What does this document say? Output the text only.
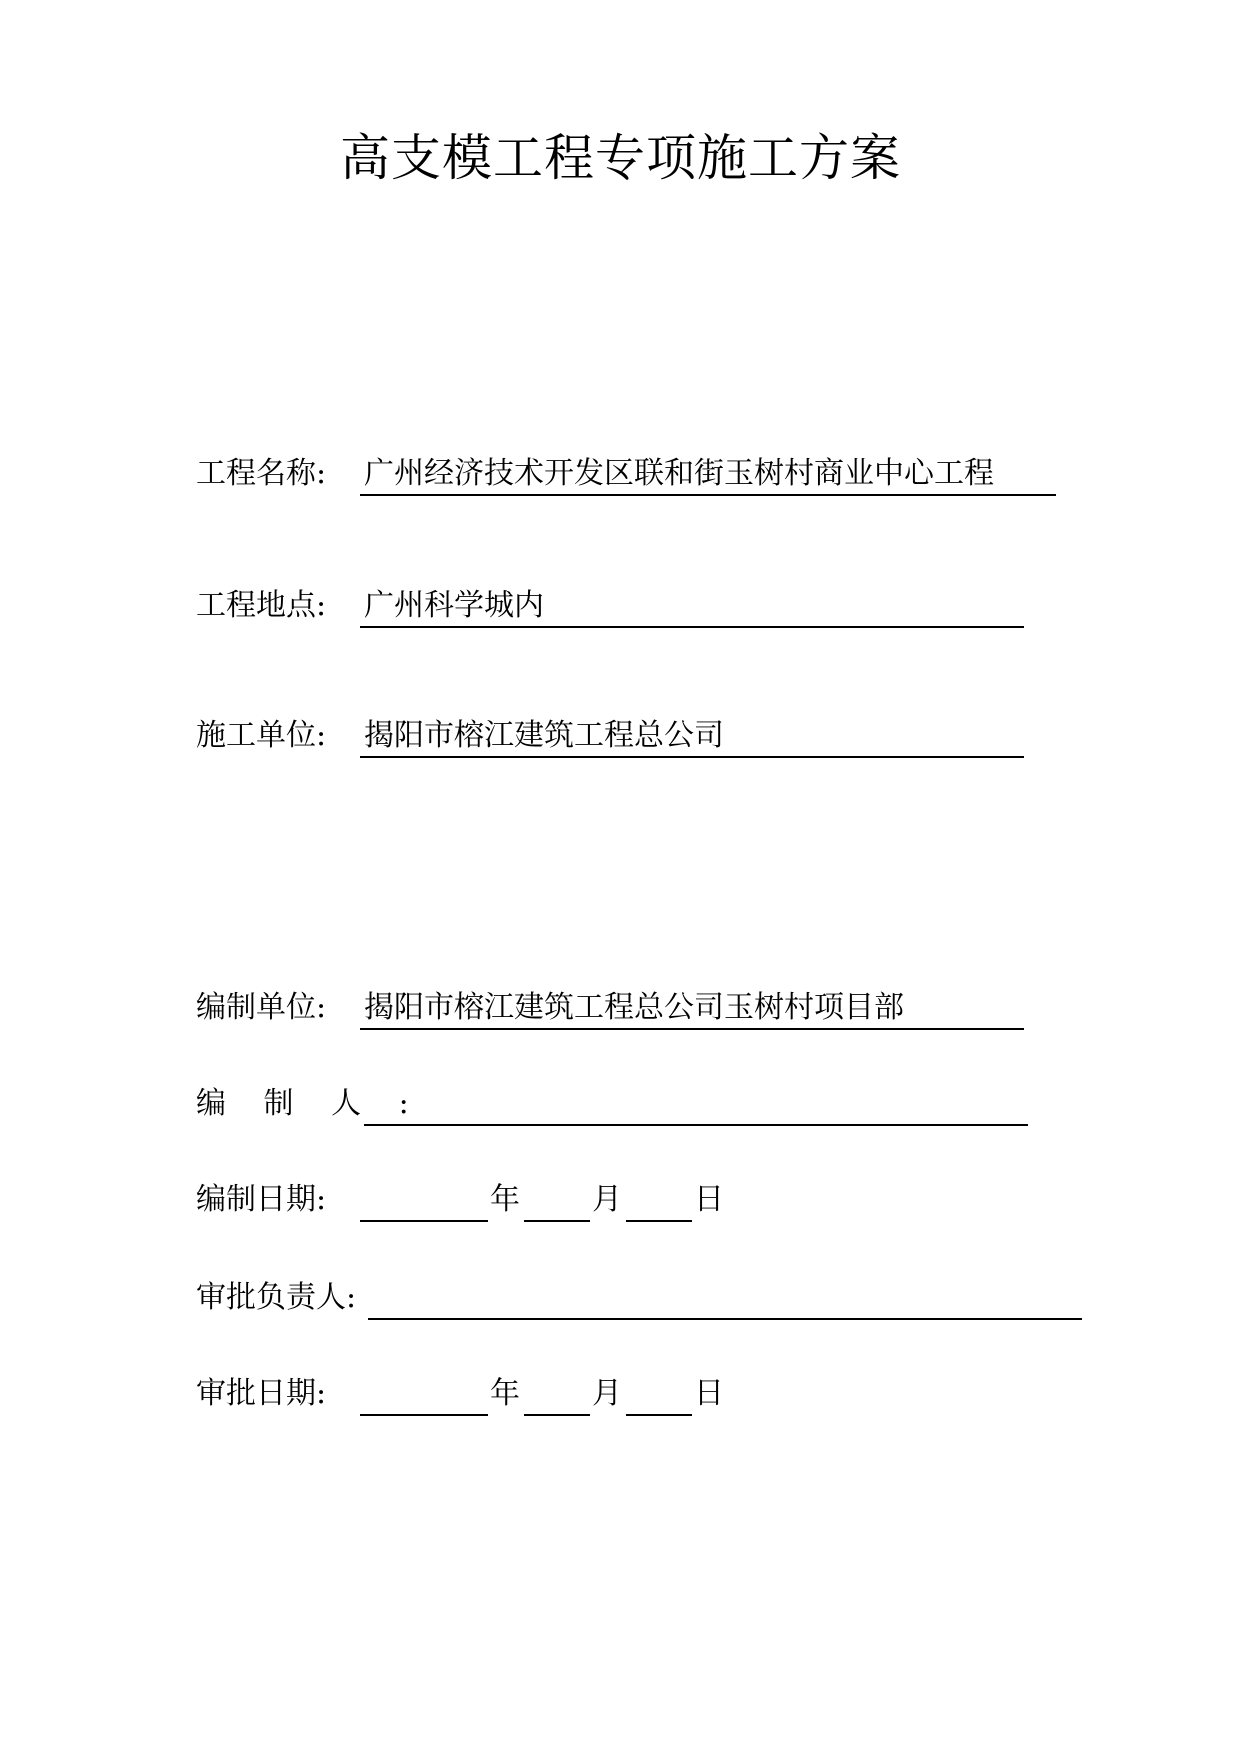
高支模工程专项施工方案
工程名称: 广州经济技术开发区联和街玉树村商业中心工程
工程地点: 广州科学城内
施工单位: 揭阳市榕江建筑工程总公司
编制单位: 揭阳市榕江建筑工程总公司玉树村项目部
编 制 人 :
编制日期:	年 月 日
审批负责人:
审批日期:	年 月 日
